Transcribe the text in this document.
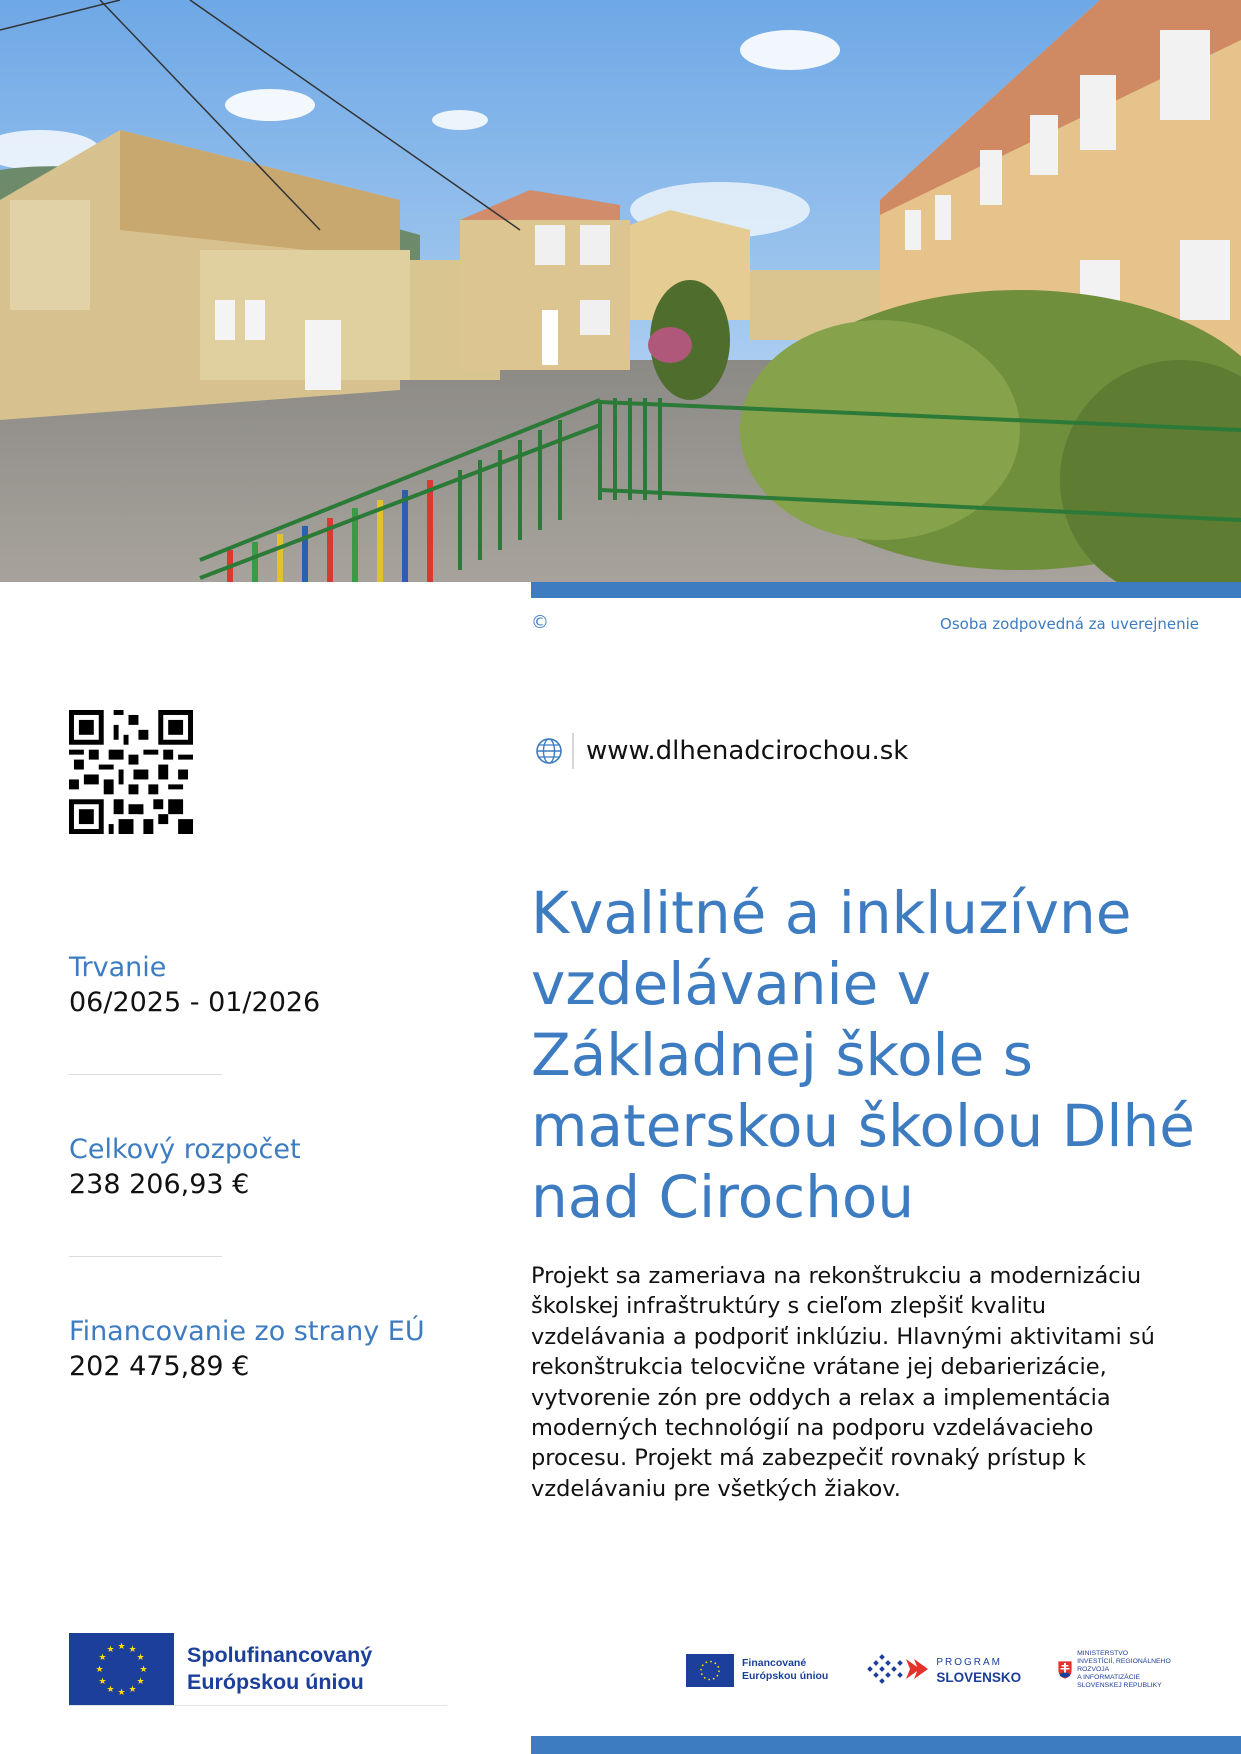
©	Osoba zodpovedná za uverejnenie
www.dlhenadcirochou.sk
Kvalitné a inkluzívne vzdelávanie v Základnej škole s materskou školou Dlhé nad Cirochou

Projekt sa zameriava na rekonštrukciu a modernizáciu školskej infraštruktúry s cieľom zlepšiť kvalitu vzdelávania a podporiť inklúziu. Hlavnými aktivitami sú rekonštrukcia telocvične vrátane jej debarierizácie, vytvorenie zón pre oddych a relax a implementácia moderných technológií na podporu vzdelávacieho procesu. Projekt má zabezpečiť rovnaký prístup k vzdelávaniu pre všetkých žiakov.

Trvanie
06/2025 - 01/2026
Celkový rozpočet
238 206,93 €
Financovanie zo strany EÚ
202 475,89 €
★ ★
★
★
★
★
★
★
★
★
★
★	Spolufinancovaný
Európskou úniou
Financované
Európskou úniou
PROGRAM
SLOVENSKO
MINISTERSTVO
INVESTÍCIÍ, REGIONÁLNEHO ROZVOJA
A INFORMATIZÁCIE
SLOVENSKEJ REPUBLIKY
